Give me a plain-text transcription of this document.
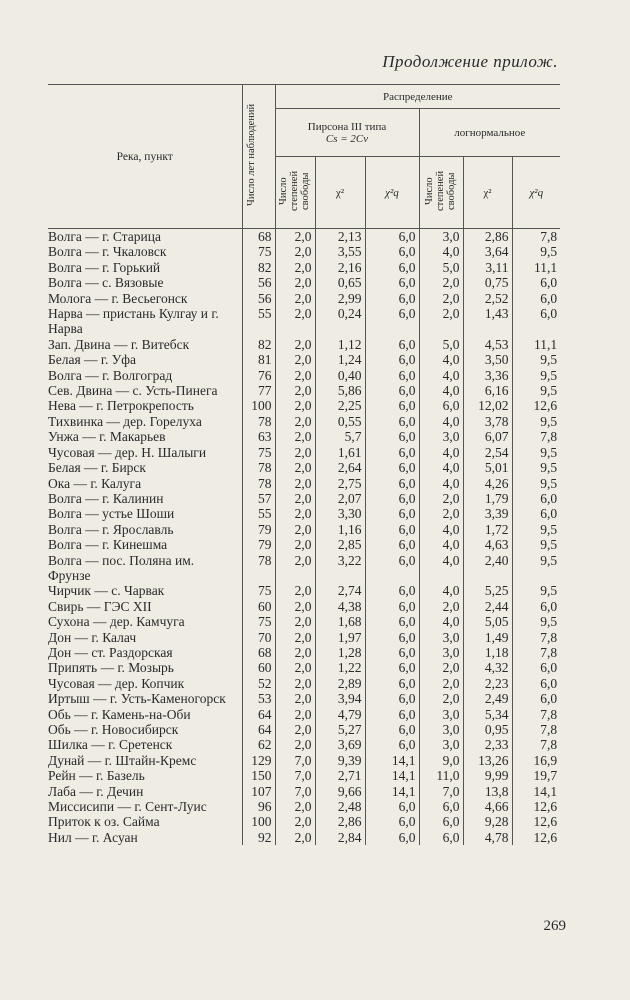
Продолжение прилож.
Река, пункт	Число лет наблюдений	Распределение					

		Пирсона III типа
Cs = 2Cv			логнормальное		
		Число степеней свободы	χ²	χ²q	Число степеней свободы	χ²	χ²q
Волга — г. Старица	68	2,0	2,13	6,0	3,0	2,86	7,8
Волга — г. Чкаловск	75	2,0	3,55	6,0	4,0	3,64	9,5
Волга — г. Горький	82	2,0	2,16	6,0	5,0	3,11	11,1
Волга — с. Вязовые	56	2,0	0,65	6,0	2,0	0,75	6,0
Молога — г. Весьегонск	56	2,0	2,99	6,0	2,0	2,52	6,0
Нарва — пристань Кулгау и г. Нарва	55	2,0	0,24	6,0	2,0	1,43	6,0
Зап. Двина — г. Витебск	82	2,0	1,12	6,0	5,0	4,53	11,1
Белая — г. Уфа	81	2,0	1,24	6,0	4,0	3,50	9,5
Волга — г. Волгоград	76	2,0	0,40	6,0	4,0	3,36	9,5
Сев. Двина — с. Усть-Пинега	77	2,0	5,86	6,0	4,0	6,16	9,5
Нева — г. Петрокрепость	100	2,0	2,25	6,0	6,0	12,02	12,6
Тихвинка — дер. Горелуха	78	2,0	0,55	6,0	4,0	3,78	9,5
Унжа — г. Макарьев	63	2,0	5,7	6,0	3,0	6,07	7,8
Чусовая — дер. Н. Шалыги	75	2,0	1,61	6,0	4,0	2,54	9,5
Белая — г. Бирск	78	2,0	2,64	6,0	4,0	5,01	9,5
Ока — г. Калуга	78	2,0	2,75	6,0	4,0	4,26	9,5
Волга — г. Калинин	57	2,0	2,07	6,0	2,0	1,79	6,0
Волга — устье Шоши	55	2,0	3,30	6,0	2,0	3,39	6,0
Волга — г. Ярославль	79	2,0	1,16	6,0	4,0	1,72	9,5
Волга — г. Кинешма	79	2,0	2,85	6,0	4,0	4,63	9,5
Волга — пос. Поляна им. Фрунзе	78	2,0	3,22	6,0	4,0	2,40	9,5
Чирчик — с. Чарвак	75	2,0	2,74	6,0	4,0	5,25	9,5
Свирь — ГЭС XII	60	2,0	4,38	6,0	2,0	2,44	6,0
Сухона — дер. Камчуга	75	2,0	1,68	6,0	4,0	5,05	9,5
Дон — г. Калач	70	2,0	1,97	6,0	3,0	1,49	7,8
Дон — ст. Раздорская	68	2,0	1,28	6,0	3,0	1,18	7,8
Припять — г. Мозырь	60	2,0	1,22	6,0	2,0	4,32	6,0
Чусовая — дер. Копчик	52	2,0	2,89	6,0	2,0	2,23	6,0
Иртыш — г. Усть-Каменогорск	53	2,0	3,94	6,0	2,0	2,49	6,0
Обь — г. Камень-на-Оби	64	2,0	4,79	6,0	3,0	5,34	7,8
Обь — г. Новосибирск	64	2,0	5,27	6,0	3,0	0,95	7,8
Шилка — г. Сретенск	62	2,0	3,69	6,0	3,0	2,33	7,8
Дунай — г. Штайн-Кремс	129	7,0	9,39	14,1	9,0	13,26	16,9
Рейн — г. Базель	150	7,0	2,71	14,1	11,0	9,99	19,7
Лаба — г. Дечин	107	7,0	9,66	14,1	7,0	13,8	14,1
Миссисипи — г. Сент-Луис	96	2,0	2,48	6,0	6,0	4,66	12,6
Приток к оз. Сайма	100	2,0	2,86	6,0	6,0	9,28	12,6
Нил — г. Асуан	92	2,0	2,84	6,0	6,0	4,78	12,6
269
